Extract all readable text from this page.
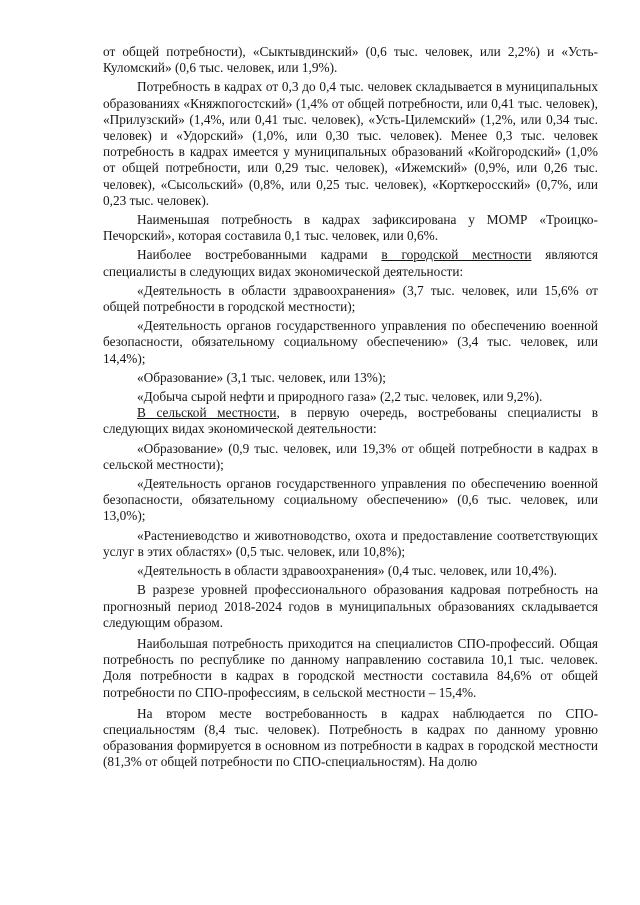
от общей потребности), «Сыктывдинский» (0,6 тыс. человек, или 2,2%) и «Усть-Куломский» (0,6 тыс. человек, или 1,9%).

Потребность в кадрах от 0,3 до 0,4 тыс. человек складывается в муниципальных образованиях «Княжпогостский» (1,4% от общей потребности, или 0,41 тыс. человек), «Прилузский» (1,4%, или 0,41 тыс. человек), «Усть-Цилемский» (1,2%, или 0,34 тыс. человек) и «Удорский» (1,0%, или 0,30 тыс. человек). Менее 0,3 тыс. человек потребность в кадрах имеется у муниципальных образований «Койгородский» (1,0% от общей потребности, или 0,29 тыс. человек), «Ижемский» (0,9%, или 0,26 тыс. человек), «Сысольский» (0,8%, или 0,25 тыс. человек), «Корткеросский» (0,7%, или 0,23 тыс. человек).

Наименьшая потребность в кадрах зафиксирована у МОМР «Троицко-Печорский», которая составила 0,1 тыс. человек, или 0,6%.

Наиболее востребованными кадрами в городской местности являются специалисты в следующих видах экономической деятельности:

«Деятельность в области здравоохранения» (3,7 тыс. человек, или 15,6% от общей потребности в городской местности);

«Деятельность органов государственного управления по обеспечению военной безопасности, обязательному социальному обеспечению» (3,4 тыс. человек, или 14,4%);

«Образование» (3,1 тыс. человек, или 13%);

«Добыча сырой нефти и природного газа» (2,2 тыс. человек, или 9,2%).

В сельской местности, в первую очередь, востребованы специалисты в следующих видах экономической деятельности:

«Образование» (0,9 тыс. человек, или 19,3% от общей потребности в кадрах в сельской местности);

«Деятельность органов государственного управления по обеспечению военной безопасности, обязательному социальному обеспечению» (0,6 тыс. человек, или 13,0%);

«Растениеводство и животноводство, охота и предоставление соответствующих услуг в этих областях» (0,5 тыс. человек, или 10,8%);

«Деятельность в области здравоохранения» (0,4 тыс. человек, или 10,4%).

В разрезе уровней профессионального образования кадровая потребность на прогнозный период 2018-2024 годов в муниципальных образованиях складывается следующим образом.

Наибольшая потребность приходится на специалистов СПО-профессий. Общая потребность по республике по данному направлению составила 10,1 тыс. человек. Доля потребности в кадрах в городской местности составила 84,6% от общей потребности по СПО-профессиям, в сельской местности – 15,4%.

На втором месте востребованность в кадрах наблюдается по СПО-специальностям (8,4 тыс. человек). Потребность в кадрах по данному уровню образования формируется в основном из потребности в кадрах в городской местности (81,3% от общей потребности по СПО-специальностям). На долю
